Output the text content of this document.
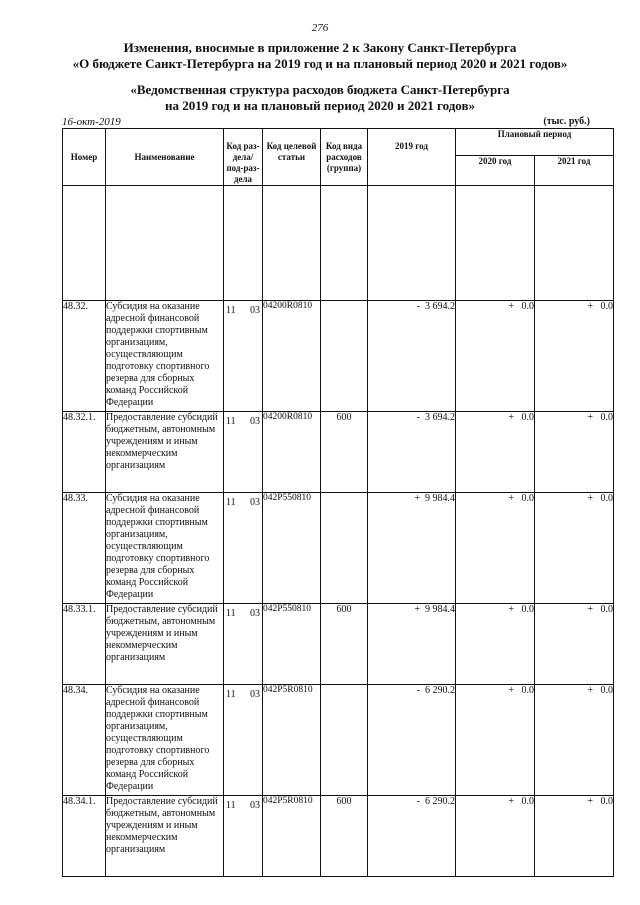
276
Изменения, вносимые в приложение 2 к Закону Санкт-Петербурга
«О бюджете Санкт-Петербурга на 2019 год и на плановый период 2020 и 2021 годов»
«Ведомственная структура расходов бюджета Санкт-Петербурга
на 2019 год и на плановый период 2020 и 2021 годов»
16-окт-2019	(тыс. руб.)
Номер	Наименование	Код раз-дела/ под-раз-дела	Код целевой статьи	Код вида расходов (группа)	2019 год	Плановый период	
						2020 год	2021 год

48.32.	Субсидия на оказание адресной финансовой поддержки спортивным организациям, осуществляющим подготовку спортивного резерва для сборных команд Российской Федерации	11 03	04200R0810		-  3 694.2	+   0.0	+   0.0
48.32.1.	Предоставление субсидий бюджетным, автономным учреждениям и иным некоммерческим организациям	11 03	04200R0810	600	-  3 694.2	+   0.0	+   0.0
48.33.	Субсидия на оказание адресной финансовой поддержки спортивным организациям, осуществляющим подготовку спортивного резерва для сборных команд Российской Федерации	11 03	042P550810		+  9 984.4	+   0.0	+   0.0
48.33.1.	Предоставление субсидий бюджетным, автономным учреждениям и иным некоммерческим организациям	11 03	042P550810	600	+  9 984.4	+   0.0	+   0.0
48.34.	Субсидия на оказание адресной финансовой поддержки спортивным организациям, осуществляющим подготовку спортивного резерва для сборных команд Российской Федерации	11 03	042P5R0810		-  6 290.2	+   0.0	+   0.0
48.34.1.	Предоставление субсидий бюджетным, автономным учреждениям и иным некоммерческим организациям	11 03	042P5R0810	600	-  6 290.2	+   0.0	+   0.0
